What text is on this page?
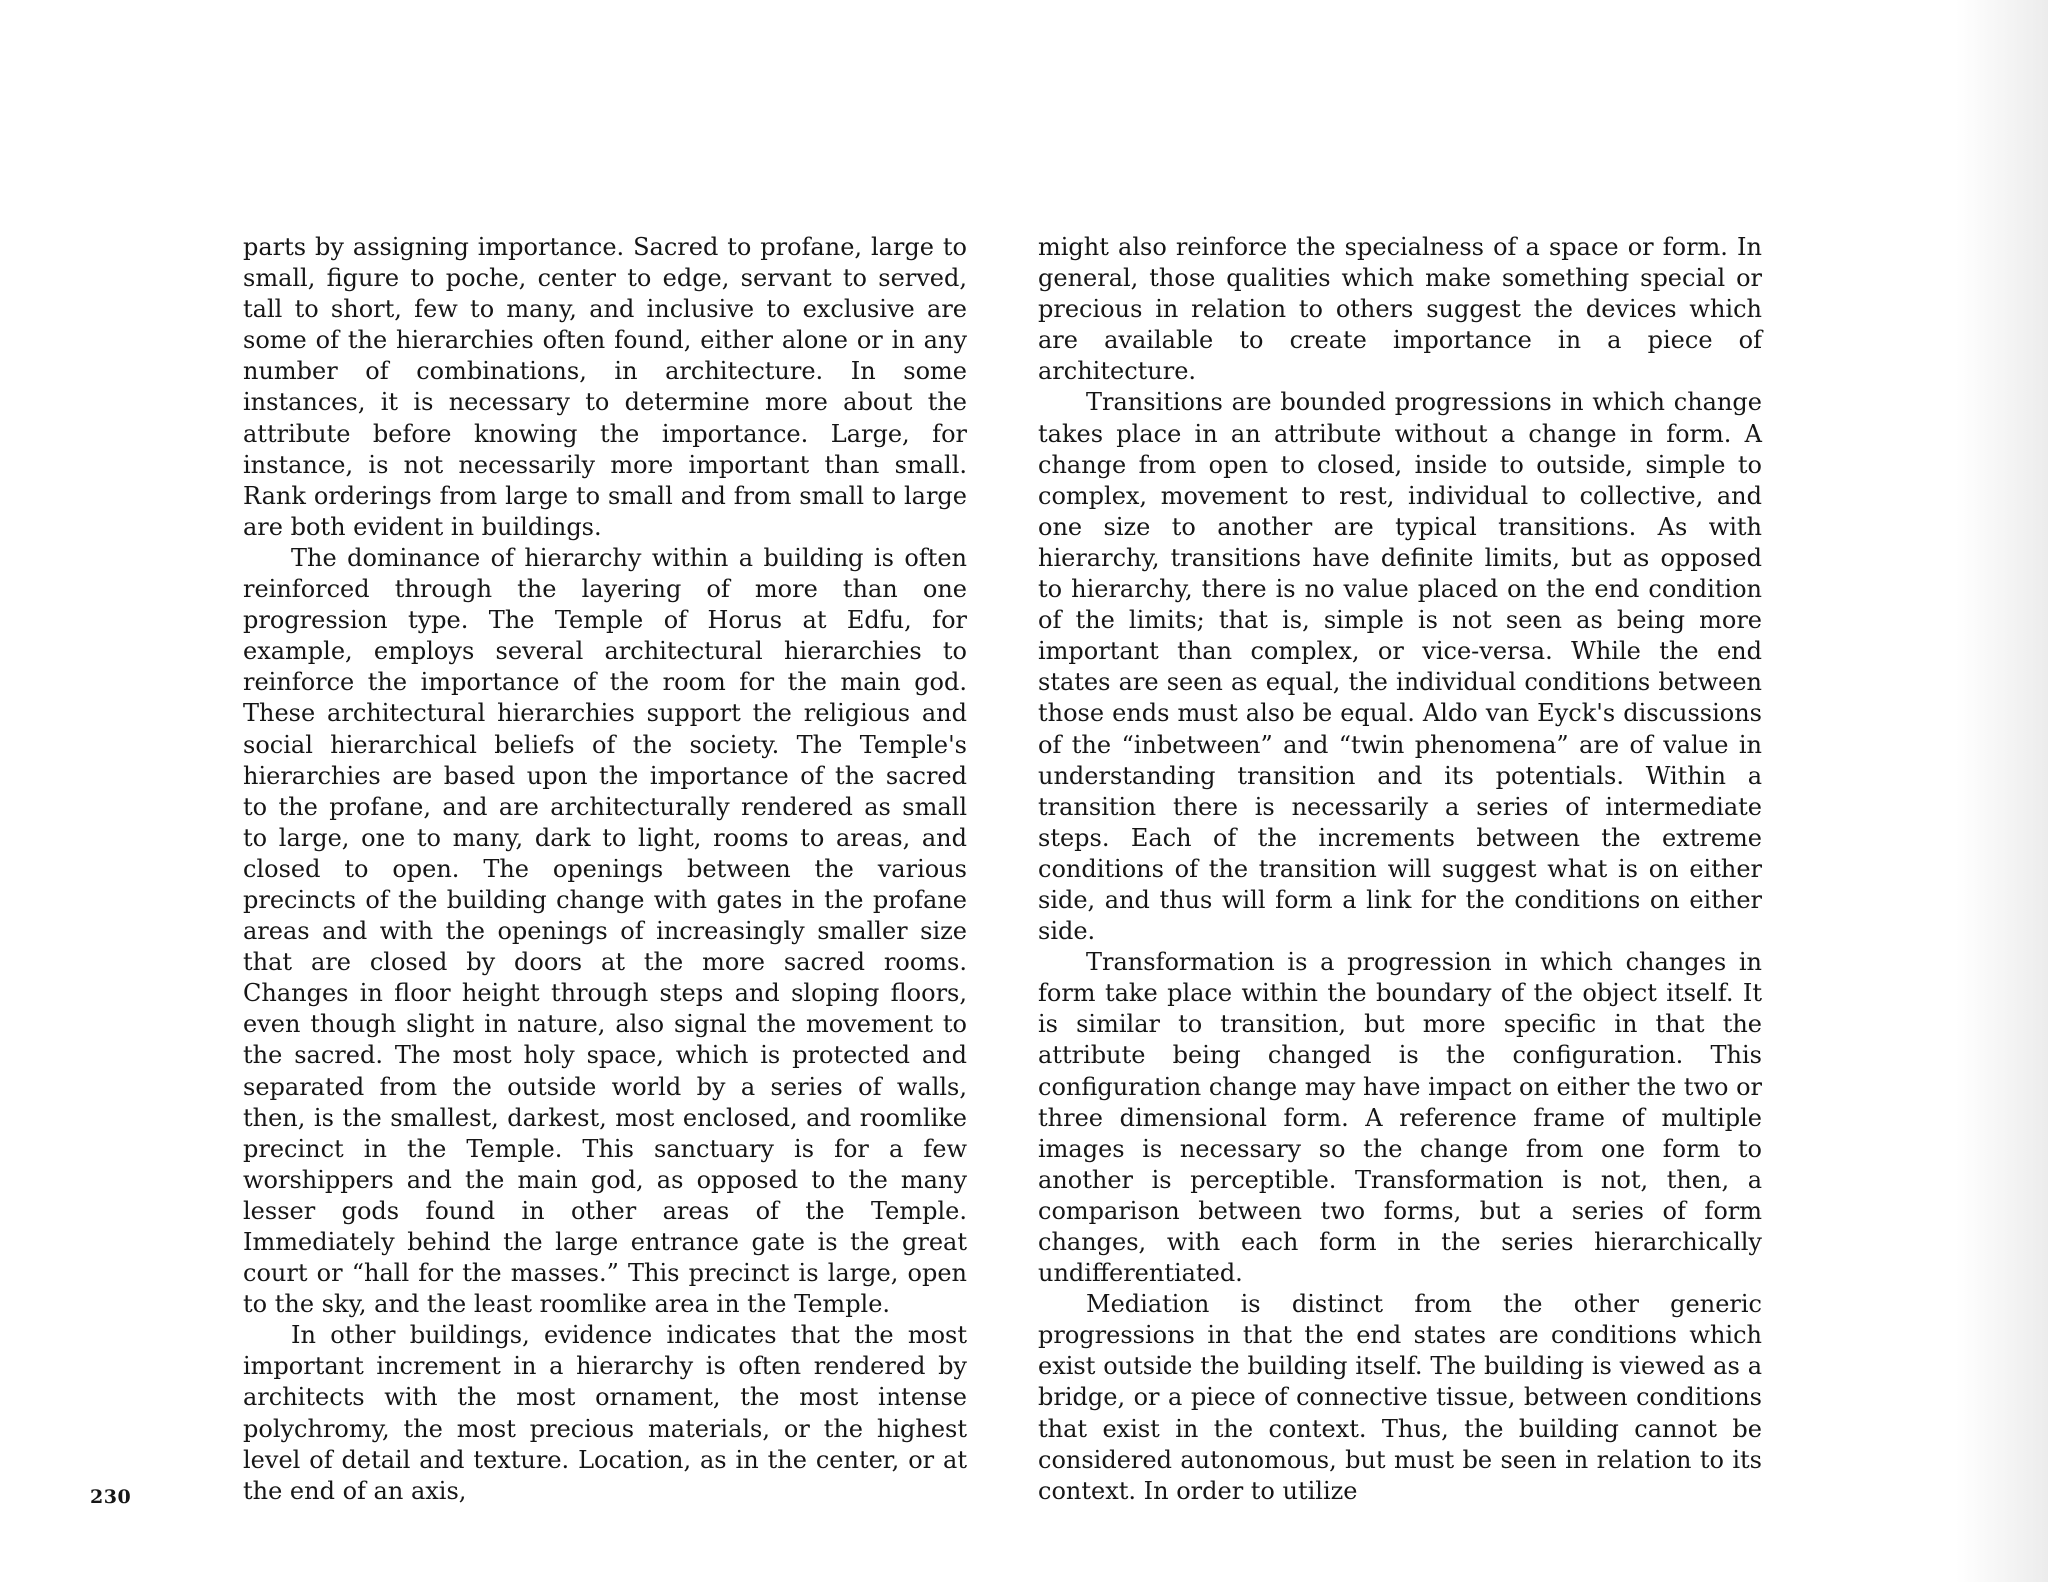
parts by assigning importance. Sacred to profane, large to small, figure to poche, center to edge, servant to served, tall to short, few to many, and inclusive to exclusive are some of the hierarchies often found, either alone or in any number of combinations, in architecture. In some instances, it is necessary to determine more about the attribute before knowing the importance. Large, for instance, is not necessarily more important than small. Rank orderings from large to small and from small to large are both evident in buildings.

The dominance of hierarchy within a building is often reinforced through the layering of more than one progression type. The Temple of Horus at Edfu, for example, employs several architectural hierarchies to reinforce the importance of the room for the main god. These architectural hierarchies support the religious and social hierarchical beliefs of the society. The Temple's hierarchies are based upon the importance of the sacred to the profane, and are architecturally rendered as small to large, one to many, dark to light, rooms to areas, and closed to open. The openings between the various precincts of the building change with gates in the profane areas and with the openings of increasingly smaller size that are closed by doors at the more sacred rooms. Changes in floor height through steps and sloping floors, even though slight in nature, also signal the movement to the sacred. The most holy space, which is protected and separated from the outside world by a series of walls, then, is the smallest, darkest, most enclosed, and roomlike precinct in the Temple. This sanctuary is for a few worshippers and the main god, as opposed to the many lesser gods found in other areas of the Temple. Immediately behind the large entrance gate is the great court or “hall for the masses.” This precinct is large, open to the sky, and the least roomlike area in the Temple.

In other buildings, evidence indicates that the most important increment in a hierarchy is often rendered by architects with the most ornament, the most intense polychromy, the most precious materials, or the highest level of detail and texture. Location, as in the center, or at the end of an axis,

might also reinforce the specialness of a space or form. In general, those qualities which make something special or precious in relation to others suggest the devices which are available to create importance in a piece of architecture.

Transitions are bounded progressions in which change takes place in an attribute without a change in form. A change from open to closed, inside to outside, simple to complex, movement to rest, individual to collective, and one size to another are typical transitions. As with hierarchy, transitions have definite limits, but as opposed to hierarchy, there is no value placed on the end condition of the limits; that is, simple is not seen as being more important than complex, or vice-versa. While the end states are seen as equal, the individual conditions between those ends must also be equal. Aldo van Eyck's discussions of the “inbetween” and “twin phenomena” are of value in understanding transition and its potentials. Within a transition there is necessarily a series of intermediate steps. Each of the increments between the extreme conditions of the transition will suggest what is on either side, and thus will form a link for the conditions on either side.

Transformation is a progression in which changes in form take place within the boundary of the object itself. It is similar to transition, but more specific in that the attribute being changed is the configuration. This configuration change may have impact on either the two or three dimensional form. A reference frame of multiple images is necessary so the change from one form to another is perceptible. Transformation is not, then, a comparison between two forms, but a series of form changes, with each form in the series hierarchically undifferentiated.

Mediation is distinct from the other generic progressions in that the end states are conditions which exist outside the building itself. The building is viewed as a bridge, or a piece of connective tissue, between conditions that exist in the context. Thus, the building cannot be considered autonomous, but must be seen in relation to its context. In order to utilize

230
